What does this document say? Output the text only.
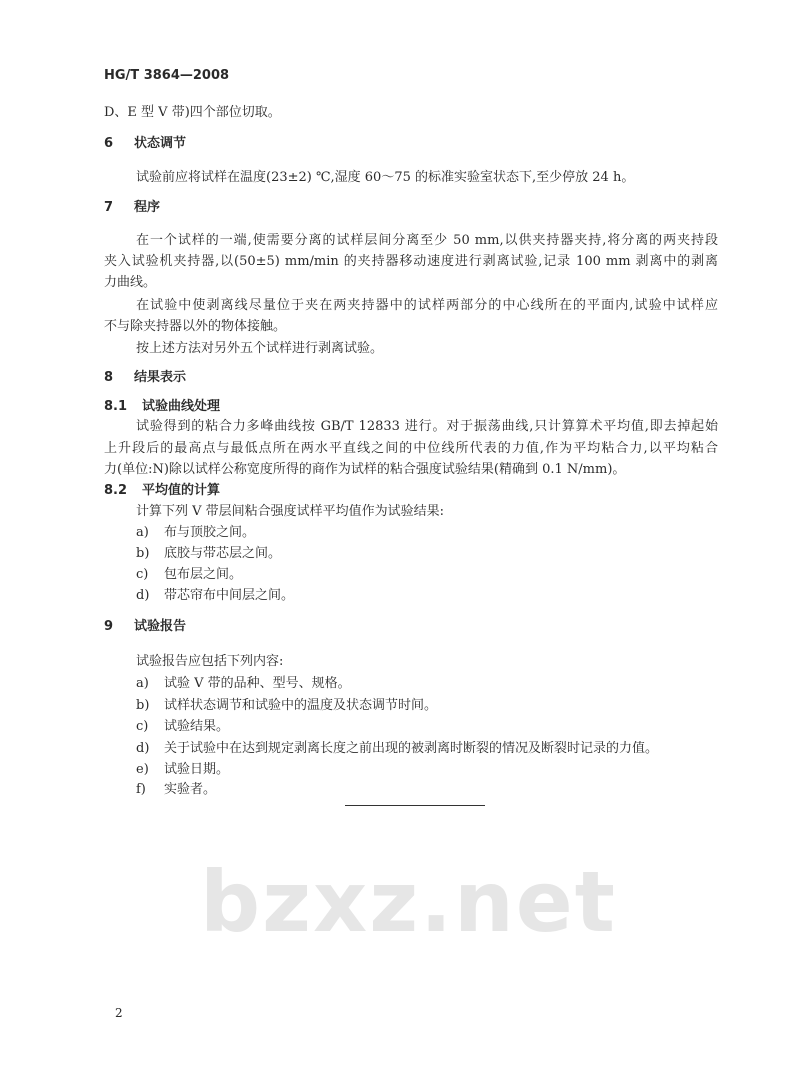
bzxz.net
HG/T 3864—2008
D、E 型 V 带)四个部位切取。
6 状态调节
试验前应将试样在温度(23±2) ℃,湿度 60～75 的标准实验室状态下,至少停放 24 h。
7 程序
在一个试样的一端,使需要分离的试样层间分离至少 50 mm,以供夹持器夹持,将分离的两夹持段
夹入试验机夹持器,以(50±5) mm/min 的夹持器移动速度进行剥离试验,记录 100 mm 剥离中的剥离
力曲线。
在试验中使剥离线尽量位于夹在两夹持器中的试样两部分的中心线所在的平面内,试验中试样应
不与除夹持器以外的物体接触。
按上述方法对另外五个试样进行剥离试验。
8 结果表示
8.1 试验曲线处理
试验得到的粘合力多峰曲线按 GB/T 12833 进行。对于振荡曲线,只计算算术平均值,即去掉起始
上升段后的最高点与最低点所在两水平直线之间的中位线所代表的力值,作为平均粘合力,以平均粘合
力(单位:N)除以试样公称宽度所得的商作为试样的粘合强度试验结果(精确到 0.1 N/mm)。
8.2 平均值的计算
计算下列 V 带层间粘合强度试样平均值作为试验结果:
a) 布与顶胶之间。
b) 底胶与带芯层之间。
c) 包布层之间。
d) 带芯帘布中间层之间。
9 试验报告
试验报告应包括下列内容:
a) 试验 V 带的品种、型号、规格。
b) 试样状态调节和试验中的温度及状态调节时间。
c) 试验结果。
d) 关于试验中在达到规定剥离长度之前出现的被剥离时断裂的情况及断裂时记录的力值。
e) 试验日期。
f) 实验者。
2
